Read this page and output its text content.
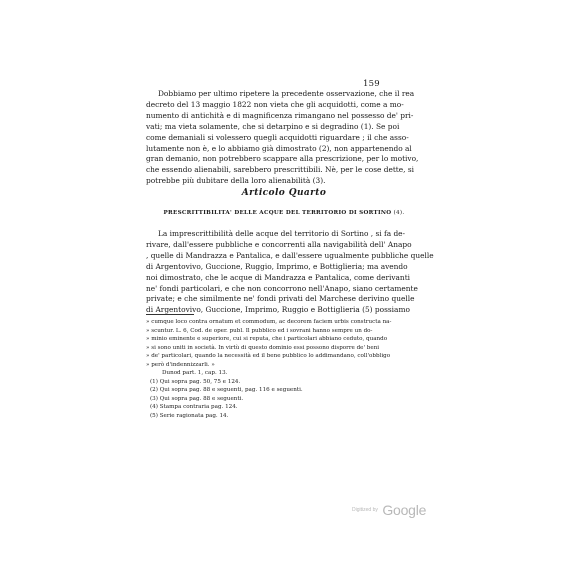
159
Dobbiamo per ultimo ripetere la precedente osservazione, che il rea
decreto del 13 maggio 1822 non vieta che gli acquidotti, come a mo-
numento di antichità e di magnificenza rimangano nel possesso de' pri-
vati; ma vieta solamente, che si detarpino e si degradino (1). Se poi
come demaniali si volessero quegli acquidotti riguardare ; il che asso-
lutamente non è, e lo abbiamo già dimostrato (2), non appartenendo al
gran demanio, non potrebbero scappare alla prescrizione, per lo motivo,
che essendo alienabili, sarebbero prescrittibili. Nè, per le cose dette, si
potrebbe più dubitare della loro alienabilità (3).
Articolo Quarto
PRESCRITTIBILITA' DELLE ACQUE DEL TERRITORIO DI SORTINO (4).
La imprescrittibilità delle acque del territorio di Sortino , si fa de-
rivare, dall'essere pubbliche e concorrenti alla navigabilità dell' Anapo
, quelle di Mandrazza e Pantalica, e dall'essere ugualmente pubbliche quelle
di Argentovivo, Guccione, Ruggio, Imprimo, e Bottiglieria; ma avendo
noi dimostrato, che le acque di Mandrazza e Pantalica, come derivanti
ne' fondi particolari, e che non concorrono nell'Anapo, siano certamente
private; e che similmente ne' fondi privati del Marchese derivino quelle
di Argentovivo, Guccione, Imprimo, Ruggio e Bottiglieria (5) possiamo
» cumque loco contra ornatum et commodum, ac decorem faciem urbis constructa na-
» scuntur. L. 6, Cod. de oper. publ. Il pubblico ed i sovrani hanno sempre un do-
» minio eminente e superiore, cui si reputa, che i particolari abbiano ceduto, quando
» si sono uniti in società. In virtù di questo dominio essi possono disporre de' beni
» de' particolari, quando la necessità ed il bene pubblico lo addimandano, coll'obbligo
» però d'indennizzarli. »
Dunod part. 1, cap. 13.
(1) Qui sopra pag. 50, 75 e 124.
(2) Qui sopra pag. 88 e seguenti, pag. 116 e seguenti.
(3) Qui sopra pag. 88 e seguenti.
(4) Stampa contraria pag. 124.
(5) Serie ragionata pag. 14.
Digitized by Google
